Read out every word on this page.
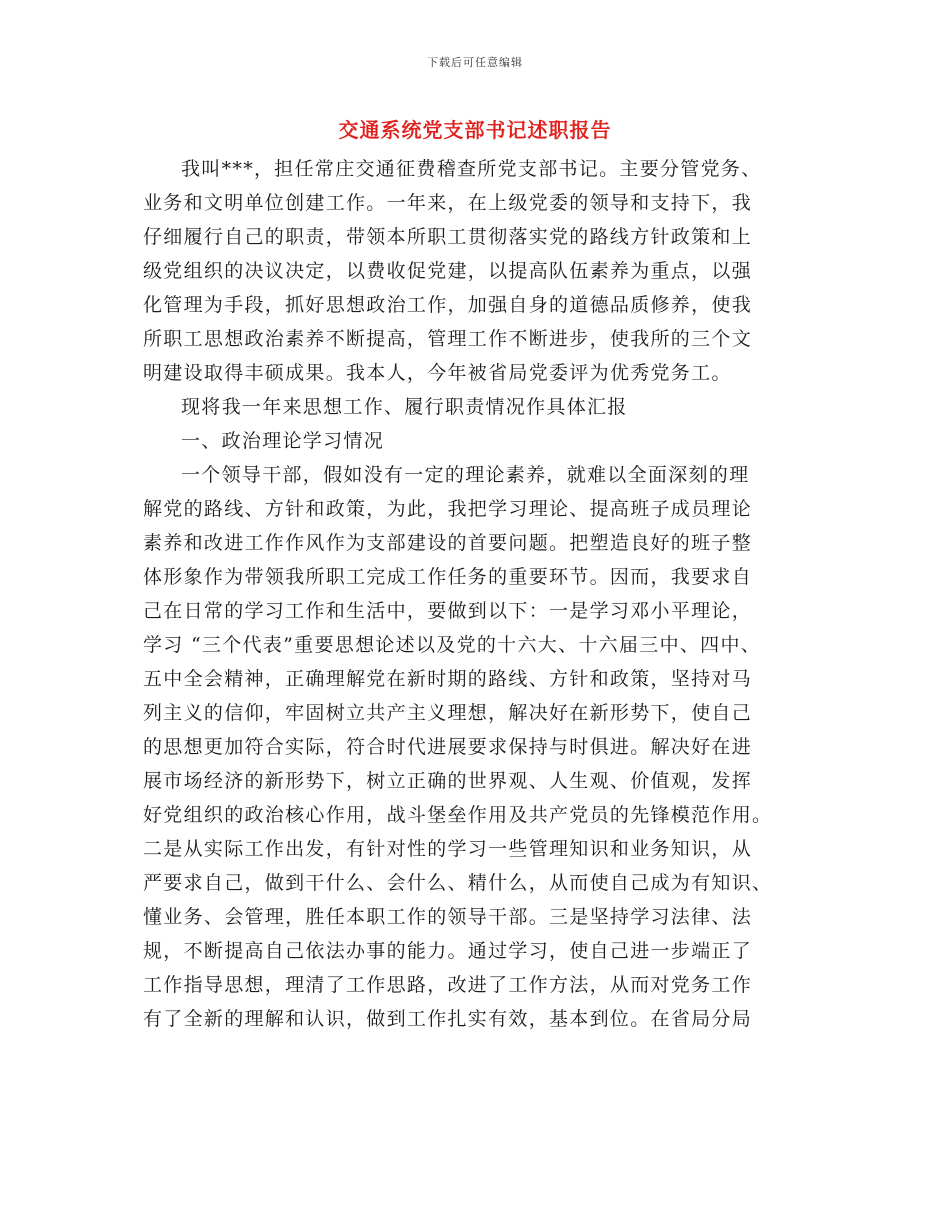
下载后可任意编辑
交通系统党支部书记述职报告
我叫***，担任常庄交通征费稽查所党支部书记。主要分管党务、
业务和文明单位创建工作。一年来，在上级党委的领导和支持下，我
仔细履行自己的职责，带领本所职工贯彻落实党的路线方针政策和上
级党组织的决议决定，以费收促党建，以提高队伍素养为重点，以强
化管理为手段，抓好思想政治工作，加强自身的道德品质修养，使我
所职工思想政治素养不断提高，管理工作不断进步，使我所的三个文
明建设取得丰硕成果。我本人，今年被省局党委评为优秀党务工。
现将我一年来思想工作、履行职责情况作具体汇报
一、政治理论学习情况
一个领导干部，假如没有一定的理论素养，就难以全面深刻的理
解党的路线、方针和政策，为此，我把学习理论、提高班子成员理论
素养和改进工作作风作为支部建设的首要问题。把塑造良好的班子整
体形象作为带领我所职工完成工作任务的重要环节。因而，我要求自
己在日常的学习工作和生活中，要做到以下：一是学习邓小平理论，
学习 “三个代表”重要思想论述以及党的十六大、十六届三中、四中、
五中全会精神，正确理解党在新时期的路线、方针和政策，坚持对马
列主义的信仰，牢固树立共产主义理想，解决好在新形势下，使自己
的思想更加符合实际，符合时代进展要求保持与时俱进。解决好在进
展市场经济的新形势下，树立正确的世界观、人生观、价值观，发挥
好党组织的政治核心作用，战斗堡垒作用及共产党员的先锋模范作用。
二是从实际工作出发，有针对性的学习一些管理知识和业务知识，从
严要求自己，做到干什么、会什么、精什么，从而使自己成为有知识、
懂业务、会管理，胜任本职工作的领导干部。三是坚持学习法律、法
规，不断提高自己依法办事的能力。通过学习，使自己进一步端正了
工作指导思想，理清了工作思路，改进了工作方法，从而对党务工作
有了全新的理解和认识，做到工作扎实有效，基本到位。在省局分局
